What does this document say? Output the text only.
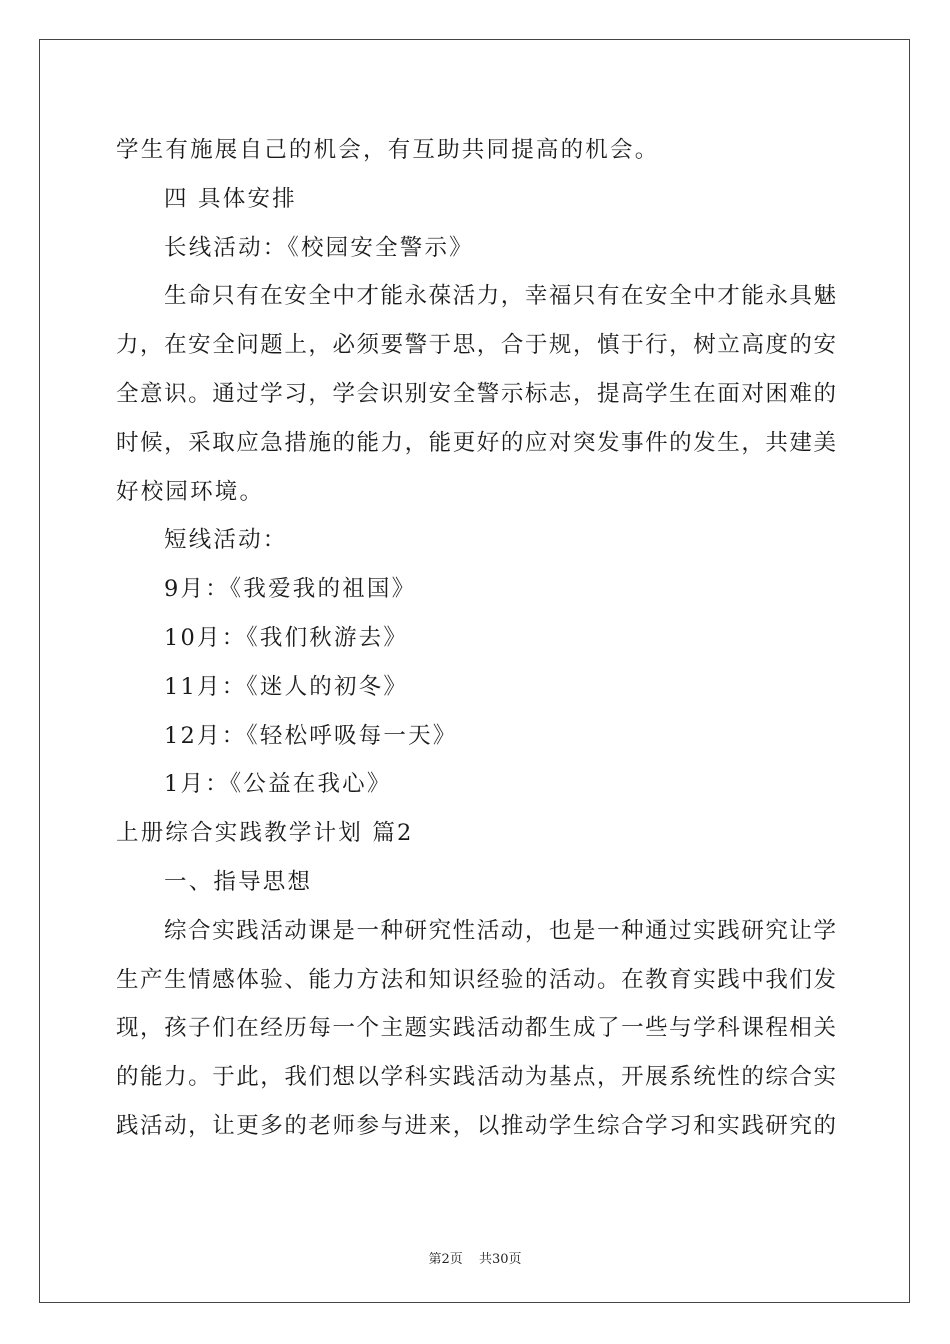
学生有施展自己的机会，有互助共同提高的机会。
四 具体安排
长线活动：《校园安全警示》
生命只有在安全中才能永葆活力，幸福只有在安全中才能永具魅
力，在安全问题上，必须要警于思，合于规，慎于行，树立高度的安
全意识。通过学习，学会识别安全警示标志，提高学生在面对困难的
时候，采取应急措施的能力，能更好的应对突发事件的发生，共建美
好校园环境。
短线活动：
9月：《我爱我的祖国》
10月：《我们秋游去》
11月：《迷人的初冬》
12月：《轻松呼吸每一天》
1月：《公益在我心》
上册综合实践教学计划 篇2
一、指导思想
综合实践活动课是一种研究性活动，也是一种通过实践研究让学
生产生情感体验、能力方法和知识经验的活动。在教育实践中我们发
现，孩子们在经历每一个主题实践活动都生成了一些与学科课程相关
的能力。于此，我们想以学科实践活动为基点，开展系统性的综合实
践活动，让更多的老师参与进来，以推动学生综合学习和实践研究的
第2页 共30页
